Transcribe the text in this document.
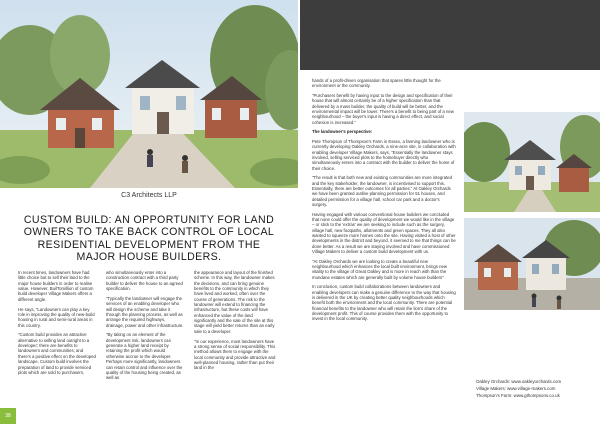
C3 Architects LLP
CUSTOM BUILD: AN OPPORTUNITY FOR LAND OWNERS TO TAKE BACK CONTROL OF LOCAL RESIDENTIAL DEVELOPMENT FROM THE MAJOR HOUSE BUILDERS.

In recent times, landowners have had little choice but to sell their land to the major house builders in order to realise value. However, BuilTomillion of custom build developer Village Makers offers a different angle.

He says, "Landowners can play a key role in improving the quality of new-build housing in rural and semi-rural areas in this country.

"Custom build provides an attractive alternative to selling land outright to a developer; there are benefits to landowners and communities; and there's a positive effect on the developed landscape. Custom build involves the preparation of land to provide serviced plots which are sold to purchasers,

who simultaneously enter into a construction contract with a third party builder to deliver the house to an agreed specification.

"Typically the landowner will engage the services of an enabling developer who will design the scheme and take it through the planning process, as well as arrange the required highways, drainage, power and other infrastructure.

"By taking on an element of the development risk, landowners can generate a higher land receipt by retaining the profit which would otherwise accrue to the developer. Perhaps more significantly, landowners can retain control and influence over the quality of the housing being created, as well as

the appearance and layout of the finished scheme. In this way, the landowner makes the decisions, and can bring genuine benefits to the community in which they have lived and worked, often over the course of generations. The risk to the landowner will extend to financing the infrastructure, but these costs will have enhanced the value of the land significantly and the sale of the site at this stage will yield better returns than an early sale to a developer.

"In our experience, most landowners have a strong sense of social responsibility. This method allows them to engage with the local community and provide attractive and well-planned housing, rather than put their land in the

38

hands of a profit-driven organisation that spares little thought for the environment or the community.

"Purchasers benefit by having input to the design and specification of their house that will almost certainly be of a higher specification than that delivered by a mass builder, the quality of build will be better, and the environmental impact will be lower. There's a benefit to being part of a new neighbourhood – the buyer's input is having a direct effect, and social cohesion is increased."

The landowner's perspective:

Pete Thompson of Thompson's Farm in Essex, a farming landowner who is currently developing Oakley Orchards, a nine-acre site, in collaboration with enabling developer Village Makers, says, "Essentially the landowner stays involved, selling serviced plots to the homebuyer directly who simultaneously enters into a contract with the builder to deliver the home of their choice.

"The result is that both new and existing communities are more integrated and the key stakeholder, the landowner, is incentivised to support this. Essentially, there are better outcomes for all parties." At Oakley Orchards we have been granted outline planning permission for 51 houses, and detailed permission for a village hall, school car park and a doctor's surgery.

Having engaged with various conventional house builders we concluded that none could offer the quality of development we would like in the village – or stick to the 'extras' we are seeking to include such as the surgery, village hall, new footpaths, allotments and green spaces. They all also wanted to squeeze more homes onto the site. Having visited a host of other developments in the district and beyond, it seemed to me that things can be done better. As a result we are staying involved and have commissioned Village Makers to deliver a custom build development with us.

"At Oakley Orchards we are looking to create a beautiful new neighbourhood which enhances the local built environment, brings new vitality to the village of Great Oakley and is more in reach with than the mundane estates which are generally built by volume house builders"

In conclusion, custom build collaborations between landowners and enabling developers can make a genuine difference to the way that housing is delivered in the UK by creating better quality neighbourhoods which benefit both the environment and the local community. There are potential financial benefits to the landowner who will retain the lion's share of the development profit. This of course provides them with the opportunity to invest in the local community.

Oakley Orchards: www.oakleyorchards.com
Village Makers: www.village-makers.com
Thompson's Farm: www.gthompsons.co.uk
